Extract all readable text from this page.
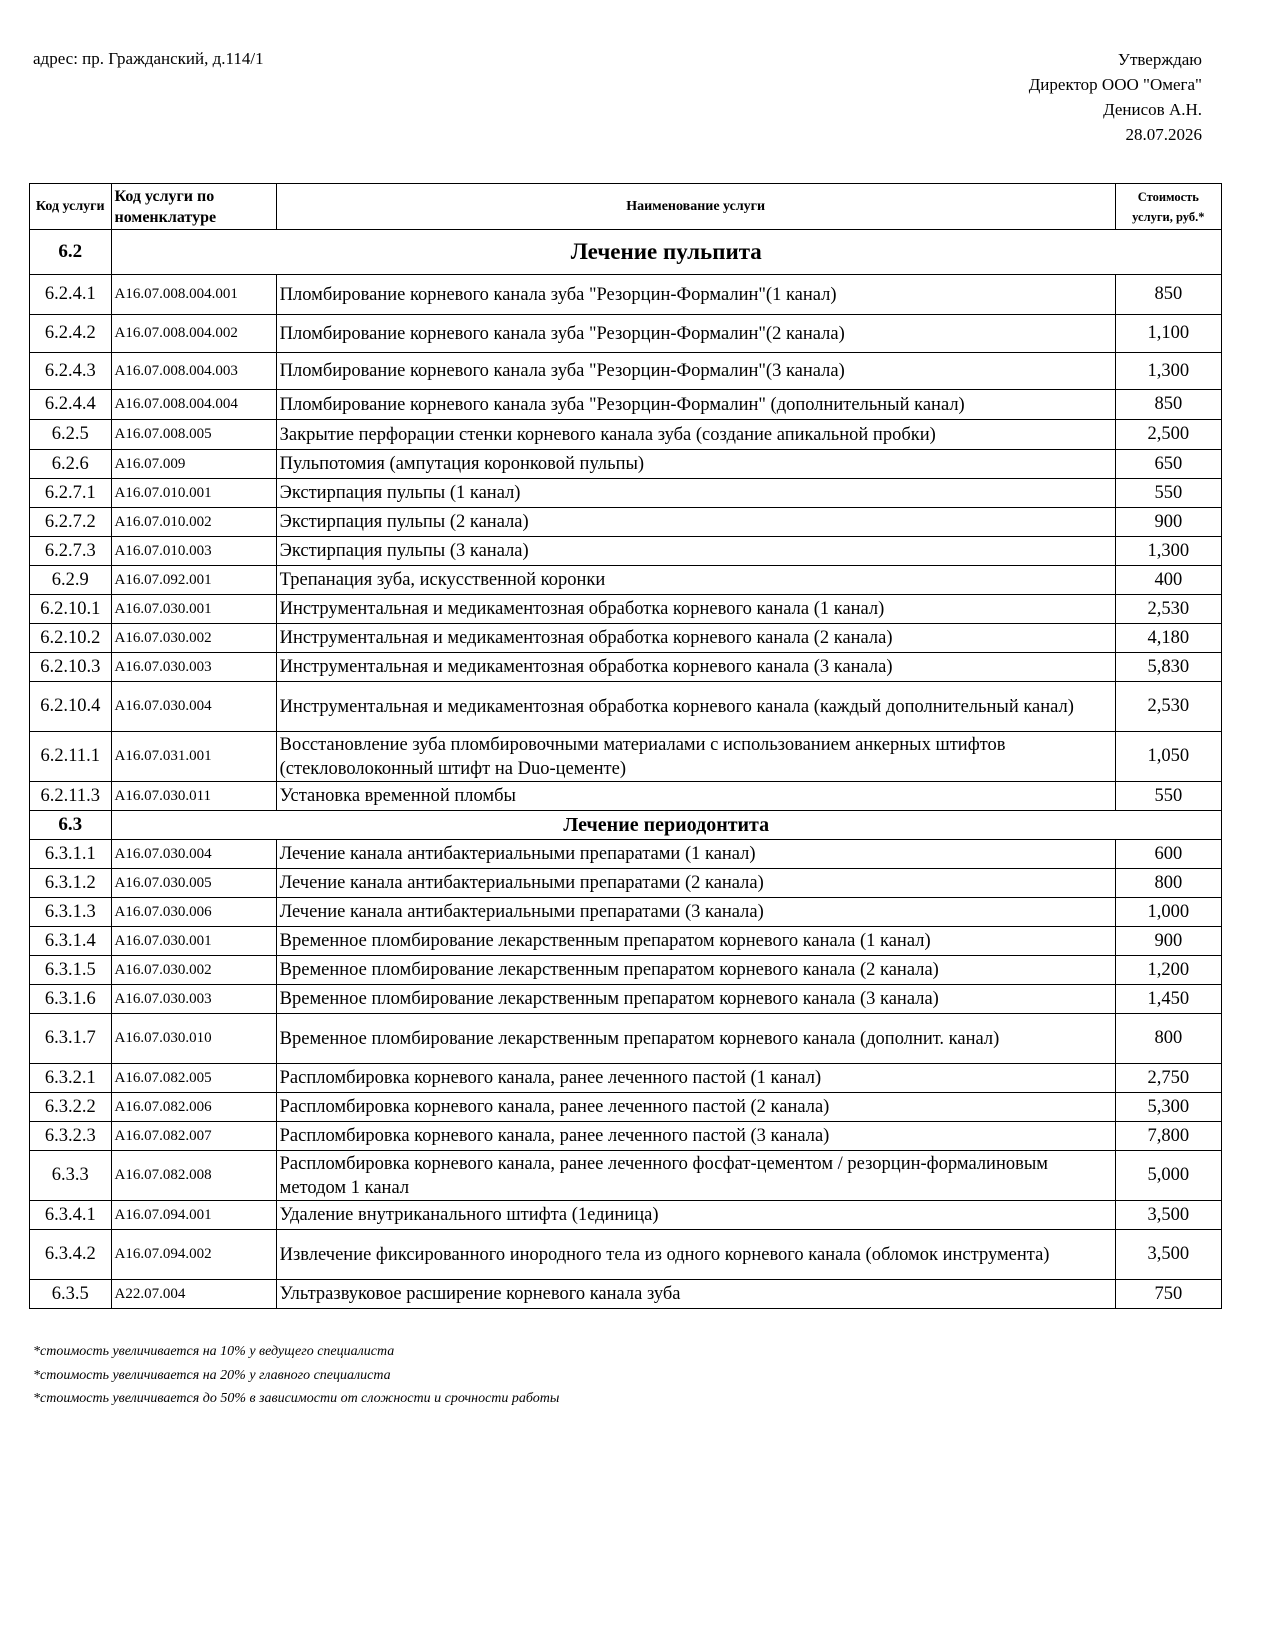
адрес: пр. Гражданский, д.114/1	Утверждаю
Директор ООО "Омега"
Денисов А.Н.
28.07.2026
Код услуги	Код услуги по номенклатуре	Наименование услуги	Стоимость услуги, руб.*
6.2	Лечение пульпита		
6.2.4.1	А16.07.008.004.001	Пломбирование корневого канала зуба "Резорцин-Формалин"(1 канал)	850
6.2.4.2	А16.07.008.004.002	Пломбирование корневого канала зуба "Резорцин-Формалин"(2 канала)	1,100
6.2.4.3	А16.07.008.004.003	Пломбирование корневого канала зуба "Резорцин-Формалин"(3 канала)	1,300
6.2.4.4	А16.07.008.004.004	Пломбирование корневого канала зуба "Резорцин-Формалин" (дополнительный канал)	850
6.2.5	А16.07.008.005	Закрытие перфорации стенки корневого канала зуба (создание апикальной пробки)	2,500
6.2.6	А16.07.009	Пульпотомия (ампутация коронковой пульпы)	650
6.2.7.1	А16.07.010.001	Экстирпация пульпы (1 канал)	550
6.2.7.2	А16.07.010.002	Экстирпация пульпы (2 канала)	900
6.2.7.3	А16.07.010.003	Экстирпация пульпы (3 канала)	1,300
6.2.9	А16.07.092.001	Трепанация зуба, искусственной коронки	400
6.2.10.1	А16.07.030.001	Инструментальная и медикаментозная обработка корневого канала (1 канал)	2,530
6.2.10.2	А16.07.030.002	Инструментальная и медикаментозная обработка корневого канала (2 канала)	4,180
6.2.10.3	А16.07.030.003	Инструментальная и медикаментозная обработка корневого канала (3 канала)	5,830
6.2.10.4	А16.07.030.004	Инструментальная и медикаментозная обработка корневого канала (каждый дополнительный канал)	2,530
6.2.11.1	А16.07.031.001	Восстановление зуба пломбировочными материалами с использованием анкерных штифтов (стекловолоконный штифт на Duo-цементе)	1,050
6.2.11.3	А16.07.030.011	Установка временной пломбы	550
6.3	Лечение периодонтита		
6.3.1.1	А16.07.030.004	Лечение канала антибактериальными препаратами (1 канал)	600
6.3.1.2	А16.07.030.005	Лечение канала антибактериальными препаратами (2 канала)	800
6.3.1.3	А16.07.030.006	Лечение канала антибактериальными препаратами (3 канала)	1,000
6.3.1.4	А16.07.030.001	Временное пломбирование лекарственным препаратом корневого канала (1 канал)	900
6.3.1.5	А16.07.030.002	Временное пломбирование лекарственным препаратом корневого канала (2 канала)	1,200
6.3.1.6	А16.07.030.003	Временное пломбирование лекарственным препаратом корневого канала (3 канала)	1,450
6.3.1.7	А16.07.030.010	Временное пломбирование лекарственным препаратом корневого канала (дополнит. канал)	800
6.3.2.1	А16.07.082.005	Распломбировка корневого канала, ранее леченного пастой (1 канал)	2,750
6.3.2.2	А16.07.082.006	Распломбировка корневого канала, ранее леченного пастой (2 канала)	5,300
6.3.2.3	А16.07.082.007	Распломбировка корневого канала, ранее леченного пастой (3 канала)	7,800
6.3.3	А16.07.082.008	Распломбировка корневого канала, ранее леченного фосфат-цементом / резорцин-формалиновым методом 1 канал	5,000
6.3.4.1	А16.07.094.001	Удаление внутриканального штифта (1единица)	3,500
6.3.4.2	А16.07.094.002	Извлечение фиксированного инородного тела из одного корневого канала (обломок инструмента)	3,500
6.3.5	А22.07.004	Ультразвуковое расширение корневого канала зуба	750
*стоимость увеличивается на 10% у ведущего специалиста
*стоимость увеличивается на 20% у главного специалиста
*стоимость увеличивается до 50% в зависимости от сложности и срочности работы
